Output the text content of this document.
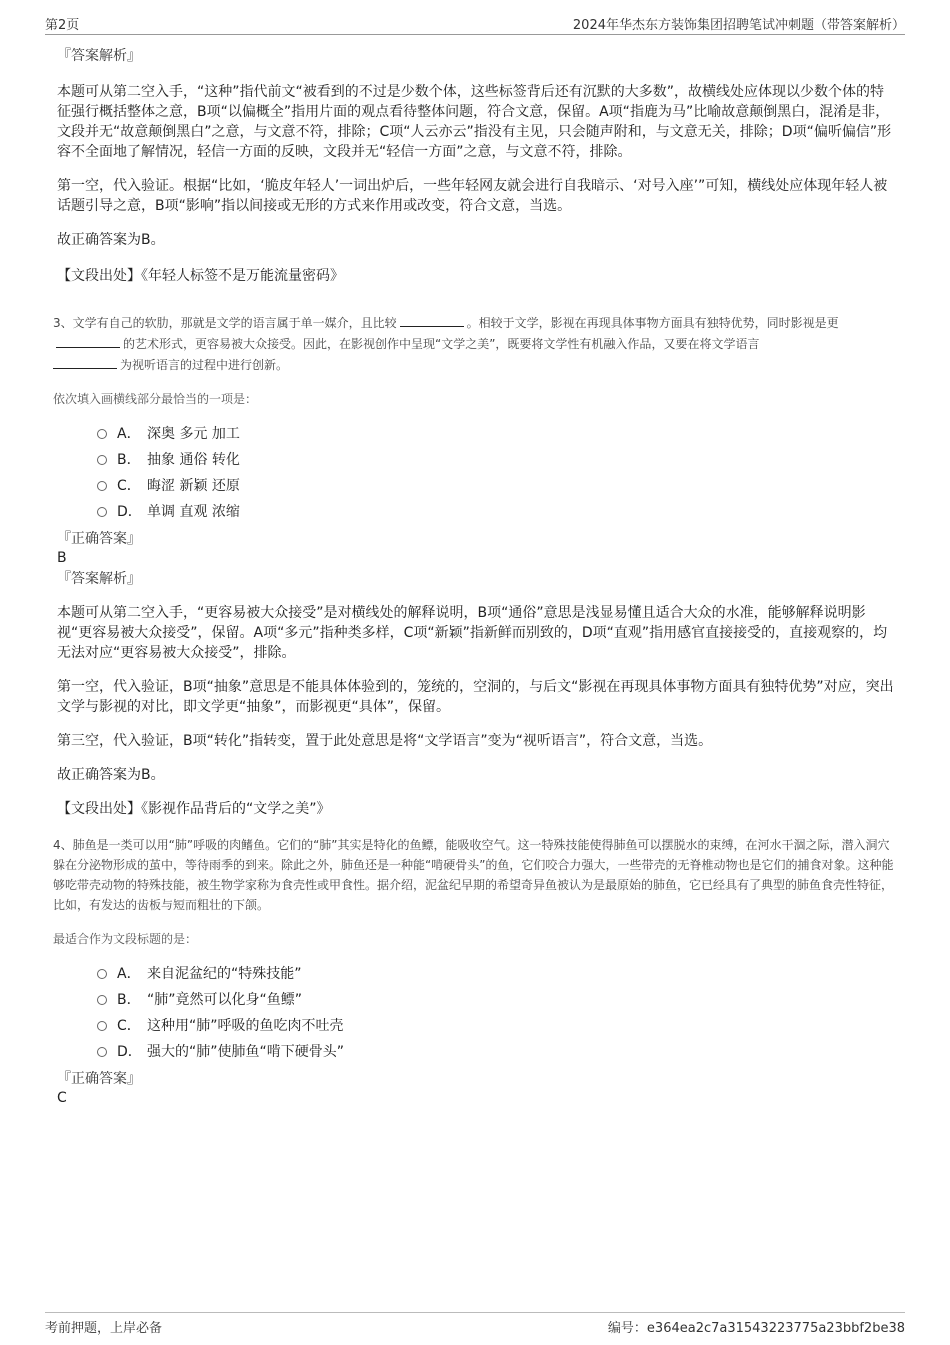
第2页	2024年华杰东方装饰集团招聘笔试冲刺题（带答案解析）
『答案解析』
本题可从第二空入手，“这种”指代前文“被看到的不过是少数个体，这些标签背后还有沉默的大多数”，故横线处应体现以少数个体的特征强行概括整体之意，B项“以偏概全”指用片面的观点看待整体问题，符合文意，保留。A项“指鹿为马”比喻故意颠倒黑白，混淆是非，文段并无“故意颠倒黑白”之意，与文意不符，排除；C项“人云亦云”指没有主见，只会随声附和，与文意无关，排除；D项“偏听偏信”形容不全面地了解情况，轻信一方面的反映，文段并无“轻信一方面”之意，与文意不符，排除。
第一空，代入验证。根据“比如，‘脆皮年轻人’一词出炉后，一些年轻网友就会进行自我暗示、‘对号入座’”可知，横线处应体现年轻人被话题引导之意，B项“影响”指以间接或无形的方式来作用或改变，符合文意，当选。
故正确答案为B。
【文段出处】《年轻人标签不是万能流量密码》
3、文学有自己的软肋，那就是文学的语言属于单一媒介，且比较	。相较于文学，影视在再现具体事物方面具有独特优势，同时影视是更的艺术形式，更容易被大众接受。因此，在影视创作中呈现“文学之美”，既要将文学性有机融入作品，又要在将文学语言
为视听语言的过程中进行创新。
依次填入画横线部分最恰当的一项是：
A． 深奥 多元 加工
B． 抽象 通俗 转化
C． 晦涩 新颖 还原
D． 单调 直观 浓缩
『正确答案』
B
『答案解析』
本题可从第二空入手，“更容易被大众接受”是对横线处的解释说明，B项“通俗”意思是浅显易懂且适合大众的水准，能够解释说明影视“更容易被大众接受”，保留。A项“多元”指种类多样，C项“新颖”指新鲜而别致的，D项“直观”指用感官直接接受的，直接观察的，均无法对应“更容易被大众接受”，排除。
第一空，代入验证，B项“抽象”意思是不能具体体验到的，笼统的，空洞的，与后文“影视在再现具体事物方面具有独特优势”对应，突出文学与影视的对比，即文学更“抽象”，而影视更“具体”，保留。
第三空，代入验证，B项“转化”指转变，置于此处意思是将“文学语言”变为“视听语言”，符合文意，当选。
故正确答案为B。
【文段出处】《影视作品背后的“文学之美”》
4、肺鱼是一类可以用“肺”呼吸的肉鳍鱼。它们的“肺”其实是特化的鱼鳔，能吸收空气。这一特殊技能使得肺鱼可以摆脱水的束缚，在河水干涸之际，潜入洞穴躲在分泌物形成的茧中，等待雨季的到来。除此之外，肺鱼还是一种能“啃硬骨头”的鱼，它们咬合力强大，一些带壳的无脊椎动物也是它们的捕食对象。这种能够吃带壳动物的特殊技能，被生物学家称为食壳性或甲食性。据介绍，泥盆纪早期的希望奇异鱼被认为是最原始的肺鱼，它已经具有了典型的肺鱼食壳性特征，比如，有发达的齿板与短而粗壮的下颌。
最适合作为文段标题的是：
A． 来自泥盆纪的“特殊技能”
B． “肺”竟然可以化身“鱼鳔”
C． 这种用“肺”呼吸的鱼吃肉不吐壳
D． 强大的“肺”使肺鱼“啃下硬骨头”
『正确答案』
C
考前押题，上岸必备	编号：e364ea2c7a31543223775a23bbf2be38
